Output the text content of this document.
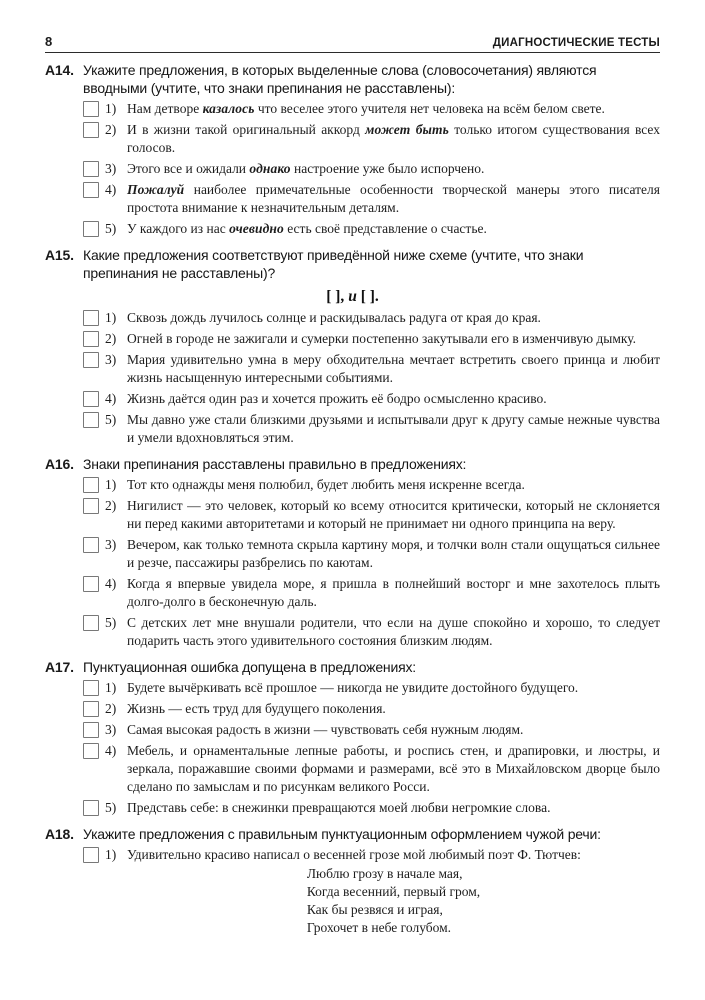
8	ДИАГНОСТИЧЕСКИЕ ТЕСТЫ
А14. Укажите предложения, в которых выделенные слова (словосочетания) являются вводными (учтите, что знаки препинания не расставлены):
1) Нам детворе казалось что веселее этого учителя нет человека на всём белом свете.
2) И в жизни такой оригинальный аккорд может быть только итогом существования всех голосов.
3) Этого все и ожидали однако настроение уже было испорчено.
4) Пожалуй наиболее примечательные особенности творческой манеры этого писателя простота внимание к незначительным деталям.
5) У каждого из нас очевидно есть своё представление о счастье.
А15. Какие предложения соответствуют приведённой ниже схеме (учтите, что знаки препинания не расставлены)?
[ ], и [ ].
1) Сквозь дождь лучилось солнце и раскидывалась радуга от края до края.
2) Огней в городе не зажигали и сумерки постепенно закутывали его в изменчивую дымку.
3) Мария удивительно умна в меру обходительна мечтает встретить своего принца и любит жизнь насыщенную интересными событиями.
4) Жизнь даётся один раз и хочется прожить её бодро осмысленно красиво.
5) Мы давно уже стали близкими друзьями и испытывали друг к другу самые нежные чувства и умели вдохновляться этим.
А16. Знаки препинания расставлены правильно в предложениях:
1) Тот кто однажды меня полюбил, будет любить меня искренне всегда.
2) Нигилист — это человек, который ко всему относится критически, который не склоняется ни перед какими авторитетами и который не принимает ни одного принципа на веру.
3) Вечером, как только темнота скрыла картину моря, и толчки волн стали ощущаться сильнее и резче, пассажиры разбрелись по каютам.
4) Когда я впервые увидела море, я пришла в полнейший восторг и мне захотелось плыть долго-долго в бесконечную даль.
5) С детских лет мне внушали родители, что если на душе спокойно и хорошо, то следует подарить часть этого удивительного состояния близким людям.
А17. Пунктуационная ошибка допущена в предложениях:
1) Будете вычёркивать всё прошлое — никогда не увидите достойного будущего.
2) Жизнь — есть труд для будущего поколения.
3) Самая высокая радость в жизни — чувствовать себя нужным людям.
4) Мебель, и орнаментальные лепные работы, и роспись стен, и драпировки, и люстры, и зеркала, поражавшие своими формами и размерами, всё это в Михайловском дворце было сделано по замыслам и по рисункам великого Росси.
5) Представь себе: в снежинки превращаются моей любви негромкие слова.
А18. Укажите предложения с правильным пунктуационным оформлением чужой речи:
1) Удивительно красиво написал о весенней грозе мой любимый поэт Ф. Тютчев:
Люблю грозу в начале мая,
Когда весенний, первый гром,
Как бы резвяся и играя,
Грохочет в небе голубом.
